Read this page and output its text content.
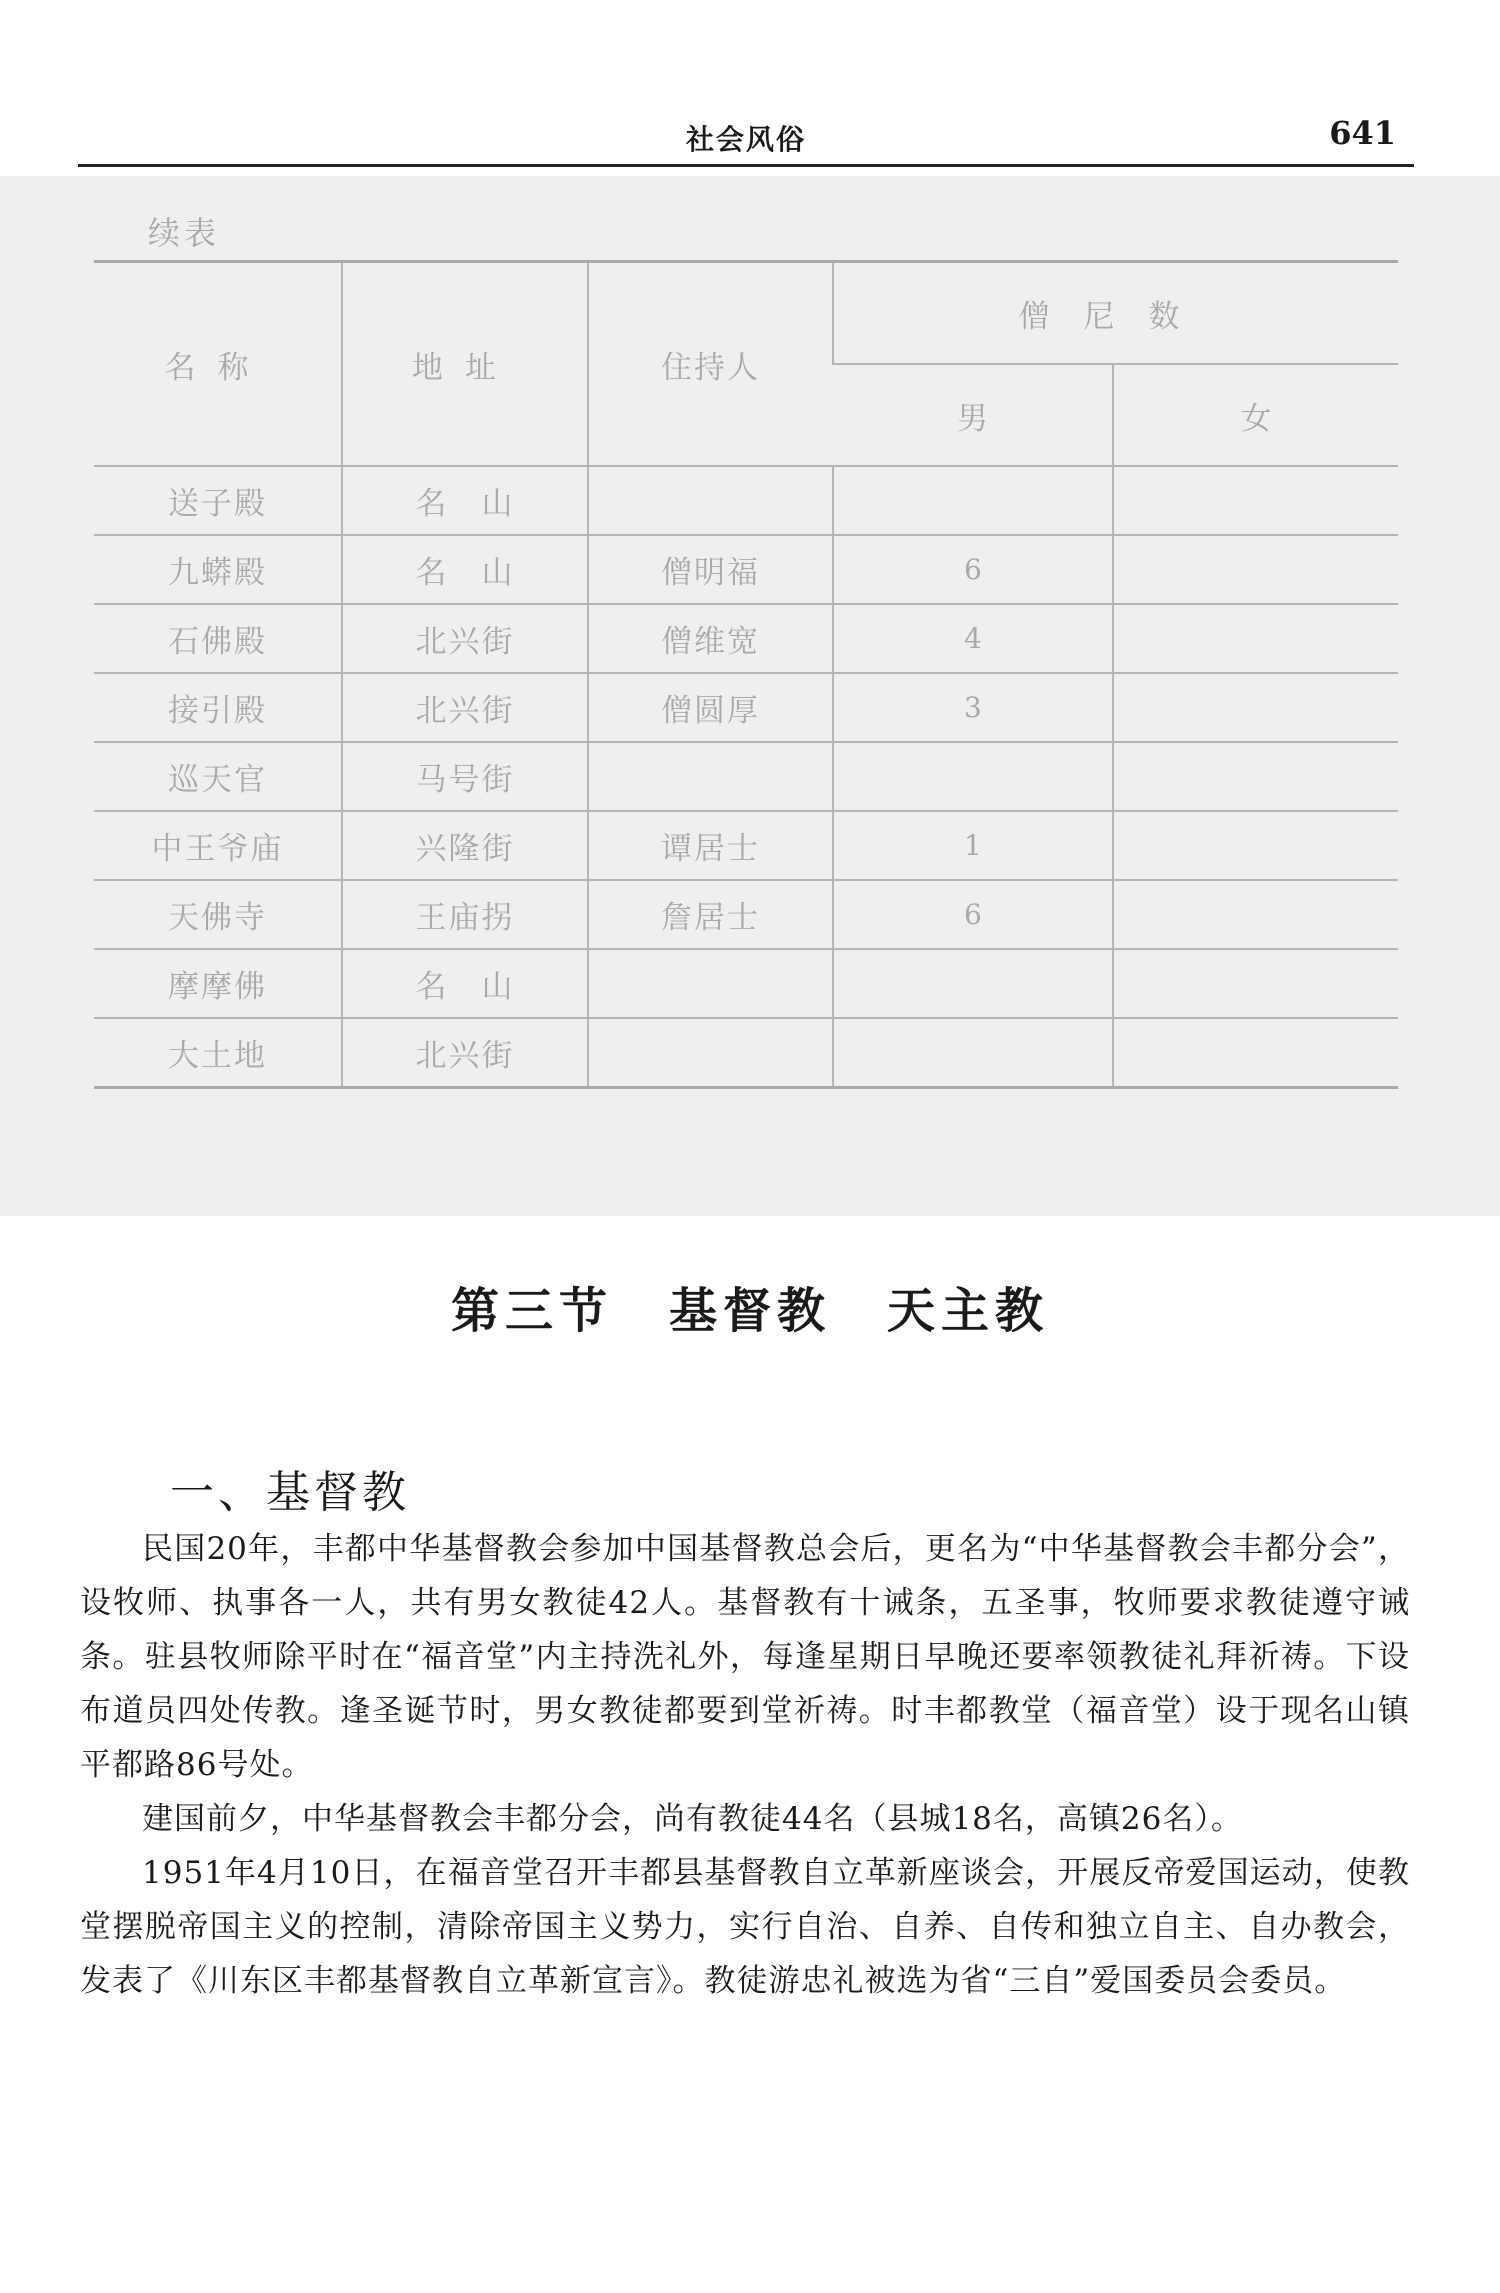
社会风俗	641
续表
名称	地址	住持人	僧尼数	
			男	女
送子殿	名　山			
九蟒殿	名　山	僧明福	6	
石佛殿	北兴街	僧维宽	4	
接引殿	北兴街	僧圆厚	3	
巡天官	马号街			
中王爷庙	兴隆街	谭居士	1	
天佛寺	王庙拐	詹居士	6	
摩摩佛	名　山			
大土地	北兴街			
第三节 基督教 天主教
一、基督教

民国20年，丰都中华基督教会参加中国基督教总会后，更名为“中华基督教会丰都分会”，设牧师、执事各一人，共有男女教徒42人。基督教有十诫条，五圣事，牧师要求教徒遵守诫条。驻县牧师除平时在“福音堂”内主持洗礼外，每逢星期日早晚还要率领教徒礼拜祈祷。下设布道员四处传教。逢圣诞节时，男女教徒都要到堂祈祷。时丰都教堂（福音堂）设于现名山镇平都路86号处。

建国前夕，中华基督教会丰都分会，尚有教徒44名（县城18名，高镇26名）。

1951年4月10日，在福音堂召开丰都县基督教自立革新座谈会，开展反帝爱国运动，使教堂摆脱帝国主义的控制，清除帝国主义势力，实行自治、自养、自传和独立自主、自办教会，发表了《川东区丰都基督教自立革新宣言》。教徒游忠礼被选为省“三自”爱国委员会委员。
